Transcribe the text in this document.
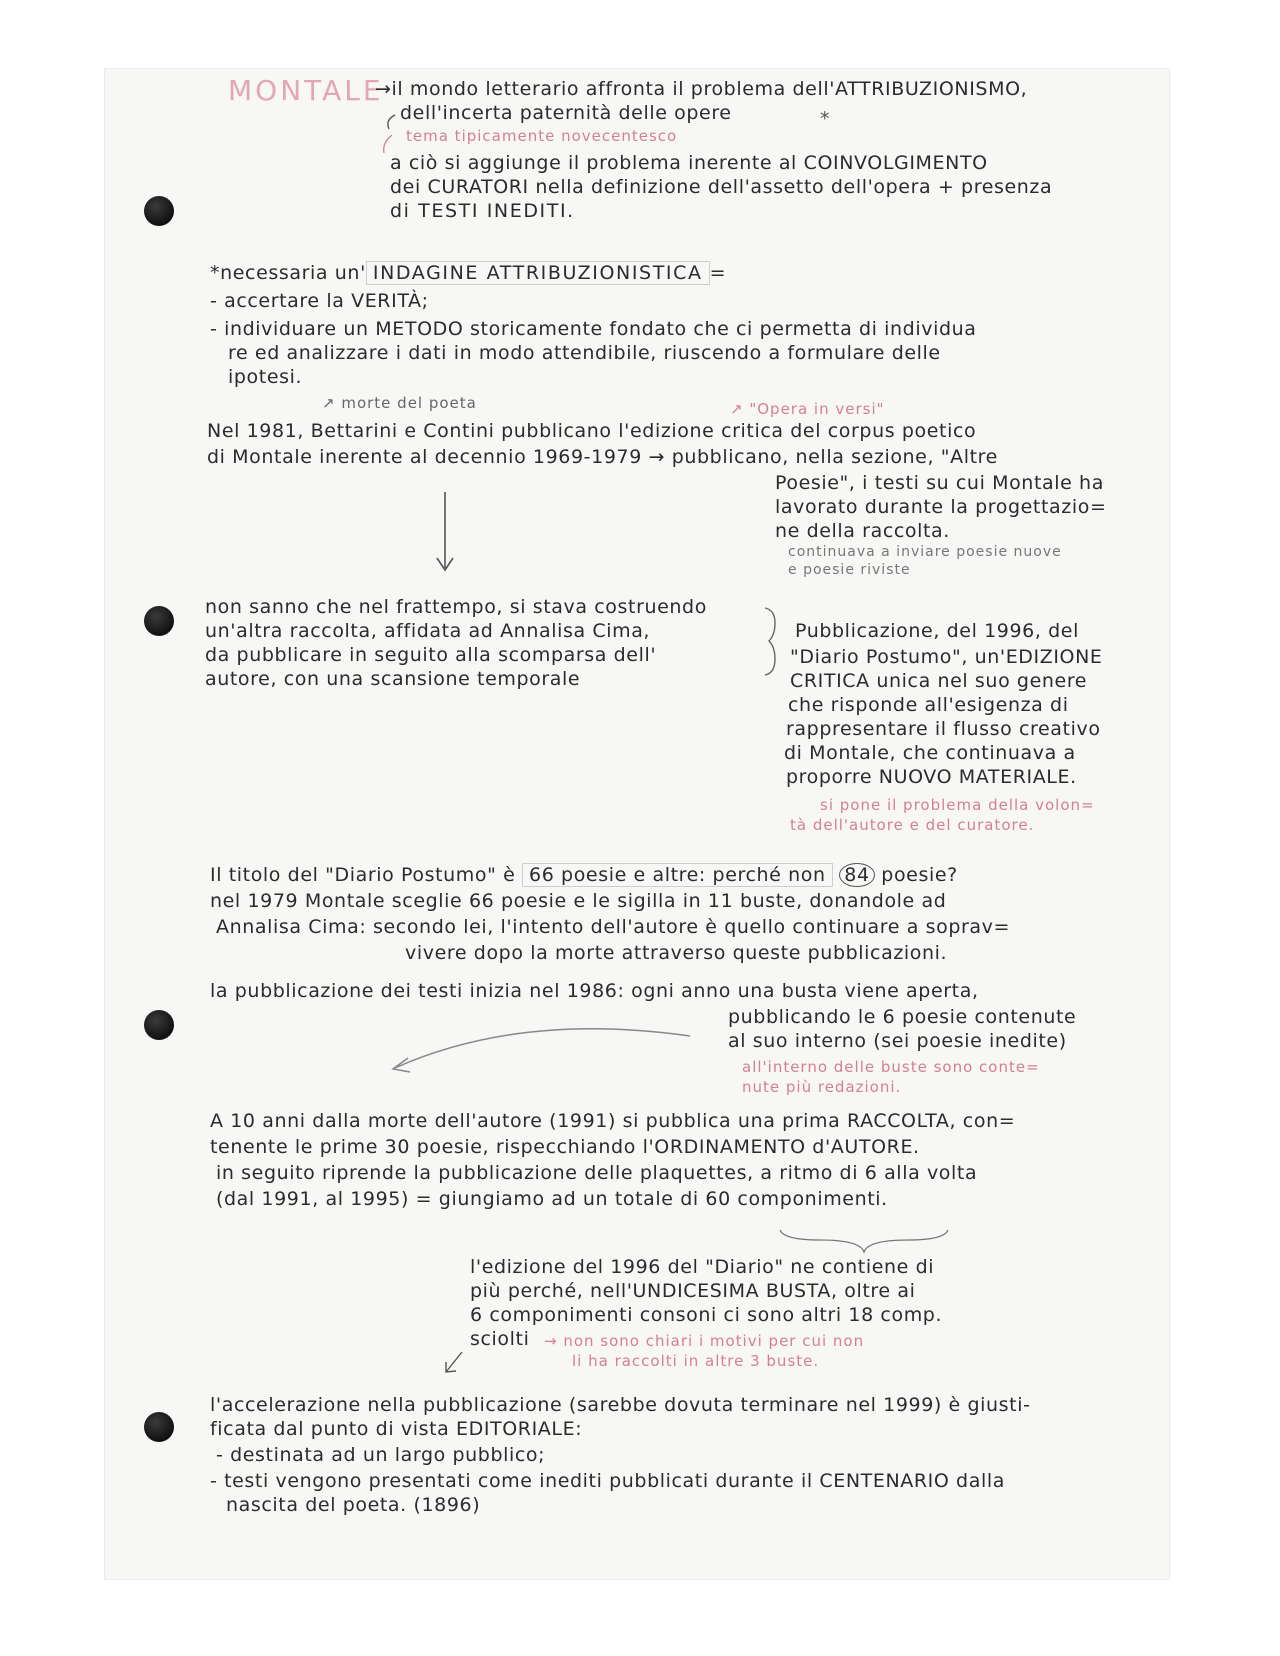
MONTALE
→il mondo letterario affronta il problema dell'ATTRIBUZIONISMO,
dell'incerta paternità delle opere	*
tema tipicamente novecentesco
a ciò si aggiunge il problema inerente al COINVOLGIMENTO
dei CURATORI nella definizione dell'assetto dell'opera + presenza
di TESTI INEDITI.
*necessaria un' INDAGINE ATTRIBUZIONISTICA =
- accertare la VERITÀ;
- individuare un METODO storicamente fondato che ci permetta di individua
re ed analizzare i dati in modo attendibile, riuscendo a formulare delle
ipotesi.
↗ morte del poeta	↗ "Opera in versi"
Nel 1981, Bettarini e Contini pubblicano l'edizione critica del corpus poetico
di Montale inerente al decennio 1969-1979 → pubblicano, nella sezione, "Altre
Poesie", i testi su cui Montale ha
lavorato durante la progettazio=
ne della raccolta.
continuava a inviare poesie nuove
e poesie riviste
non sanno che nel frattempo, si stava costruendo
un'altra raccolta, affidata ad Annalisa Cima,
da pubblicare in seguito alla scomparsa dell'
autore, con una scansione temporale
Pubblicazione, del 1996, del
"Diario Postumo", un'EDIZIONE
CRITICA unica nel suo genere
che risponde all'esigenza di
rappresentare il flusso creativo
di Montale, che continuava a
proporre NUOVO MATERIALE.
si pone il problema della volon=
tà dell'autore e del curatore.
Il titolo del "Diario Postumo" è 66 poesie e altre: perché non 84 poesie?
nel 1979 Montale sceglie 66 poesie e le sigilla in 11 buste, donandole ad
Annalisa Cima: secondo lei, l'intento dell'autore è quello continuare a soprav=
vivere dopo la morte attraverso queste pubblicazioni.
la pubblicazione dei testi inizia nel 1986: ogni anno una busta viene aperta,
pubblicando le 6 poesie contenute
al suo interno (sei poesie inedite)
all'interno delle buste sono conte=
nute più redazioni.
A 10 anni dalla morte dell'autore (1991) si pubblica una prima RACCOLTA, con=
tenente le prime 30 poesie, rispecchiando l'ORDINAMENTO d'AUTORE.
in seguito riprende la pubblicazione delle plaquettes, a ritmo di 6 alla volta
(dal 1991, al 1995) = giungiamo ad un totale di 60 componimenti.
l'edizione del 1996 del "Diario" ne contiene di
più perché, nell'UNDICESIMA BUSTA, oltre ai
6 componimenti consoni ci sono altri 18 comp.
sciolti → non sono chiari i motivi per cui non
li ha raccolti in altre 3 buste.
l'accelerazione nella pubblicazione (sarebbe dovuta terminare nel 1999) è giusti-
ficata dal punto di vista EDITORIALE:
- destinata ad un largo pubblico;
- testi vengono presentati come inediti pubblicati durante il CENTENARIO dalla
nascita del poeta. (1896)
